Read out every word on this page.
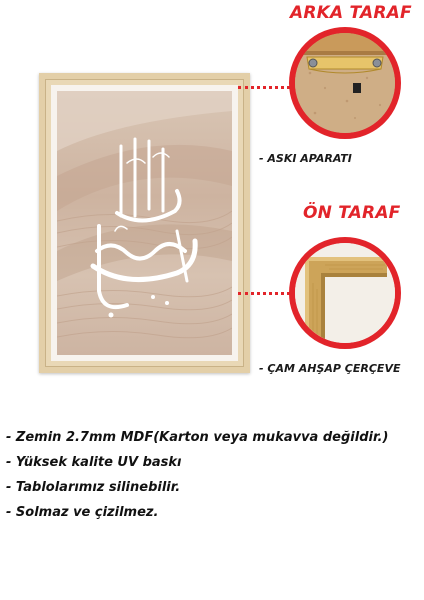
ARKA TARAF
- ASKI APARATI
ÖN TARAF
- ÇAM AHŞAP ÇERÇEVE
- Zemin 2.7mm MDF(Karton veya mukavva değildir.)
- Yüksek kalite UV baskı
- Tablolarımız silinebilir.
- Solmaz ve çizilmez.
